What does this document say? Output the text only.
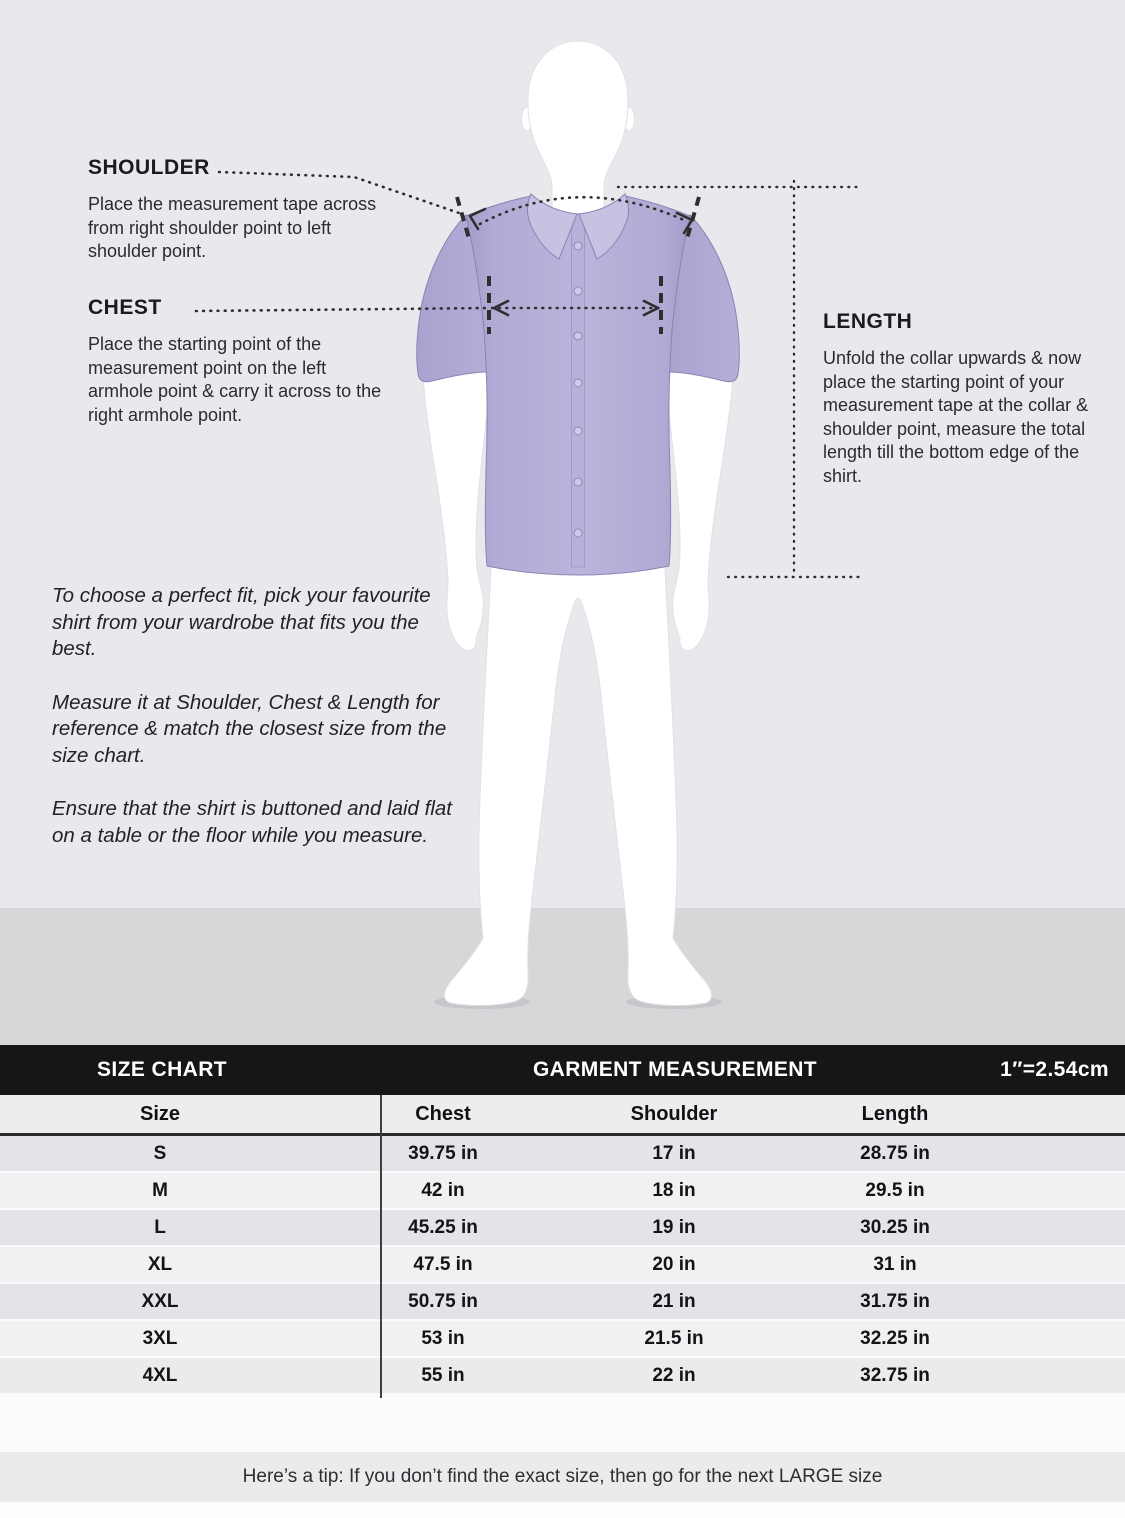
SHOULDER

Place the measurement tape across from right shoulder point to left shoulder point.

CHEST

Place the starting point of the measurement point on the left armhole point & carry it across to the right armhole point.

LENGTH

Unfold the collar upwards & now place the starting point of your measurement tape at the collar & shoulder point, measure the total length till the bottom edge of the shirt.

To choose a perfect fit, pick your favourite shirt from your wardrobe that fits you the best.

Measure it at Shoulder, Chest & Length for reference & match the closest size from the size chart.

Ensure that the shirt is buttoned and laid flat on a table or the floor while you measure.

SIZE CHART	GARMENT MEASUREMENT	1″=2.54cm
Size	Chest	Shoulder	Length
S	39.75 in	17 in	28.75 in
M	42 in	18 in	29.5 in
L	45.25 in	19 in	30.25 in
XL	47.5 in	20 in	31 in
XXL	50.75 in	21 in	31.75 in
3XL	53 in	21.5 in	32.25 in
4XL	55 in	22 in	32.75 in

Here’s a tip: If you don’t find the exact size, then go for the next LARGE size
